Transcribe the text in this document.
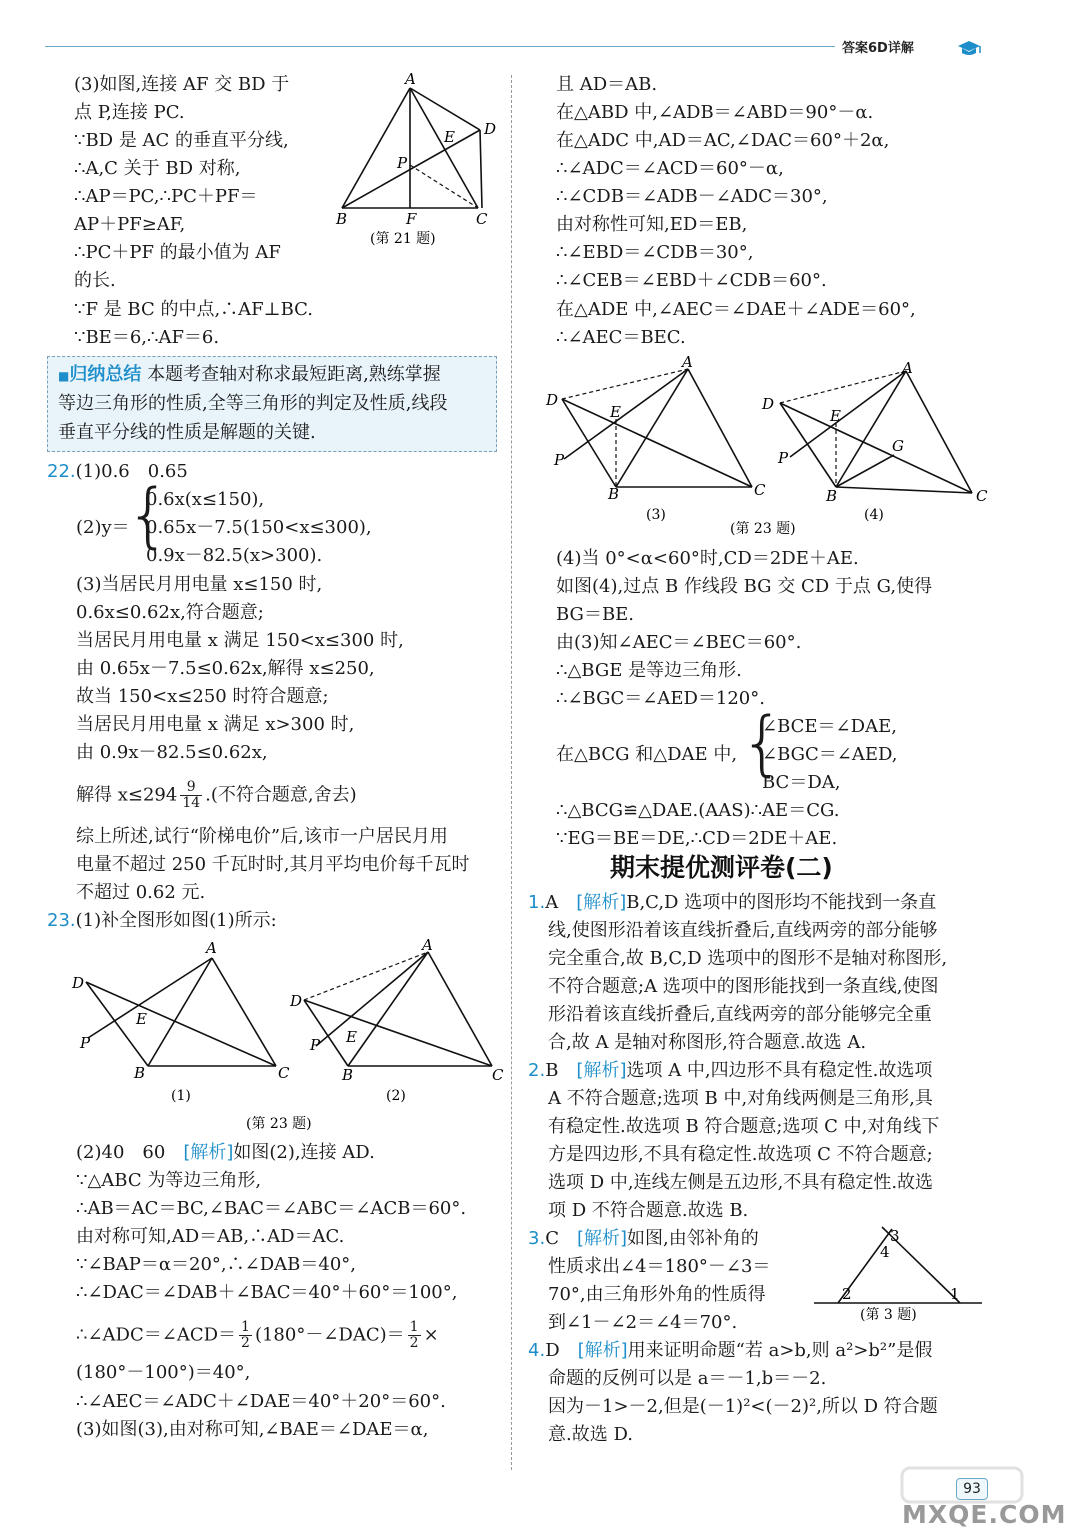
答案6D详解
(3)如图,连接 AF 交 BD 于
点 P,连接 PC.
∵BD 是 AC 的垂直平分线,
∴A,C 关于 BD 对称,
∴AP＝PC,∴PC＋PF＝
AP＋PF≥AF,
∴PC＋PF 的最小值为 AF
的长.
∵F 是 BC 的中点,∴AF⊥BC.
∵BE＝6,∴AF＝6.
A
D
E
P
B	F	C
(第 21 题)
■归纳总结 本题考查轴对称求最短距离,熟练掌握
等边三角形的性质,全等三角形的判定及性质,线段
垂直平分线的性质是解题的关键.
22.(1)0.6　0.65
(2)y＝
{
0.6x(x≤150),
0.65x－7.5(150<x≤300),
0.9x－82.5(x>300).
(3)当居民月用电量 x≤150 时,
0.6x≤0.62x,符合题意;
当居民月用电量 x 满足 150<x≤300 时,
由 0.65x－7.5≤0.62x,解得 x≤250,
故当 150<x≤250 时符合题意;
当居民月用电量 x 满足 x>300 时,
由 0.9x－82.5≤0.62x,
解得 $x\le 294 \frac{9}{14}$ .(不符合题意,舍去)
综上所述,试行“阶梯电价”后,该市一户居民月用
电量不超过 250 千瓦时时,其月平均电价每千瓦时
不超过 0.62 元.
23.(1)补全图形如图(1)所示:
A
D
E
P
B	C
A
D
E
P
B	C
(1)	(2)
(第 23 题)
(2)40　60　[解析]如图(2),连接 AD.
∵△ABC 为等边三角形,
∴AB＝AC＝BC,∠BAC＝∠ABC＝∠ACB＝60°.
由对称可知,AD＝AB,∴AD＝AC.
∵∠BAP＝α＝20°,∴∠DAB＝40°,
∴∠DAC＝∠DAB＋∠BAC＝40°＋60°＝100°,
∴∠ADC＝∠ACD＝ $\frac{1}{2}$ (180°－∠DAC)＝ $\frac{1}{2}$ ×
(180°－100°)＝40°,
∴∠AEC＝∠ADC＋∠DAE＝40°＋20°＝60°.
(3)如图(3),由对称可知,∠BAE＝∠DAE＝α,
且 AD＝AB.
在△ABD 中,∠ADB＝∠ABD＝90°－α.
在△ADC 中,AD＝AC,∠DAC＝60°＋2α,
∴∠ADC＝∠ACD＝60°－α,
∴∠CDB＝∠ADB－∠ADC＝30°,
由对称性可知,ED＝EB,
∴∠EBD＝∠CDB＝30°,
∴∠CEB＝∠EBD＋∠CDB＝60°.
在△ADE 中,∠AEC＝∠DAE＋∠ADE＝60°,
∴∠AEC＝BEC.
A
D
E
P
B	C
A
D
E
G
P
B	C
(3)	(4)
(第 23 题)
(4)当 0°<α<60°时,CD＝2DE＋AE.
如图(4),过点 B 作线段 BG 交 CD 于点 G,使得
BG＝BE.
由(3)知∠AEC＝∠BEC＝60°.
∴△BGE 是等边三角形.
∴∠BGC＝∠AED＝120°.
在△BCG 和△DAE 中, {
∠BCE＝∠DAE,
∠BGC＝∠AED,
BC＝DA,
∴△BCG≌△DAE.(AAS)∴AE＝CG.
∵EG＝BE＝DE,∴CD＝2DE＋AE.
期末提优测评卷(二)
1.A　[解析]B,C,D 选项中的图形均不能找到一条直
线,使图形沿着该直线折叠后,直线两旁的部分能够
完全重合,故 B,C,D 选项中的图形不是轴对称图形,
不符合题意;A 选项中的图形能找到一条直线,使图
形沿着该直线折叠后,直线两旁的部分能够完全重
合,故 A 是轴对称图形,符合题意.故选 A.
2.B　[解析]选项 A 中,四边形不具有稳定性.故选项
A 不符合题意;选项 B 中,对角线两侧是三角形,具
有稳定性.故选项 B 符合题意;选项 C 中,对角线下
方是四边形,不具有稳定性.故选项 C 不符合题意;
选项 D 中,连线左侧是五边形,不具有稳定性.故选
项 D 不符合题意.故选 B.
3.C　[解析]如图,由邻补角的
性质求出∠4＝180°－∠3＝
70°,由三角形外角的性质得
到∠1－∠2＝∠4＝70°.
3
4
2	1
(第 3 题)
4.D　[解析]用来证明命题“若 a>b,则 a²>b²”是假
命题的反例可以是 a＝－1,b＝－2.
因为－1>－2,但是(－1)²<(－2)²,所以 D 符合题
意.故选 D.
93
MXQE.COM
